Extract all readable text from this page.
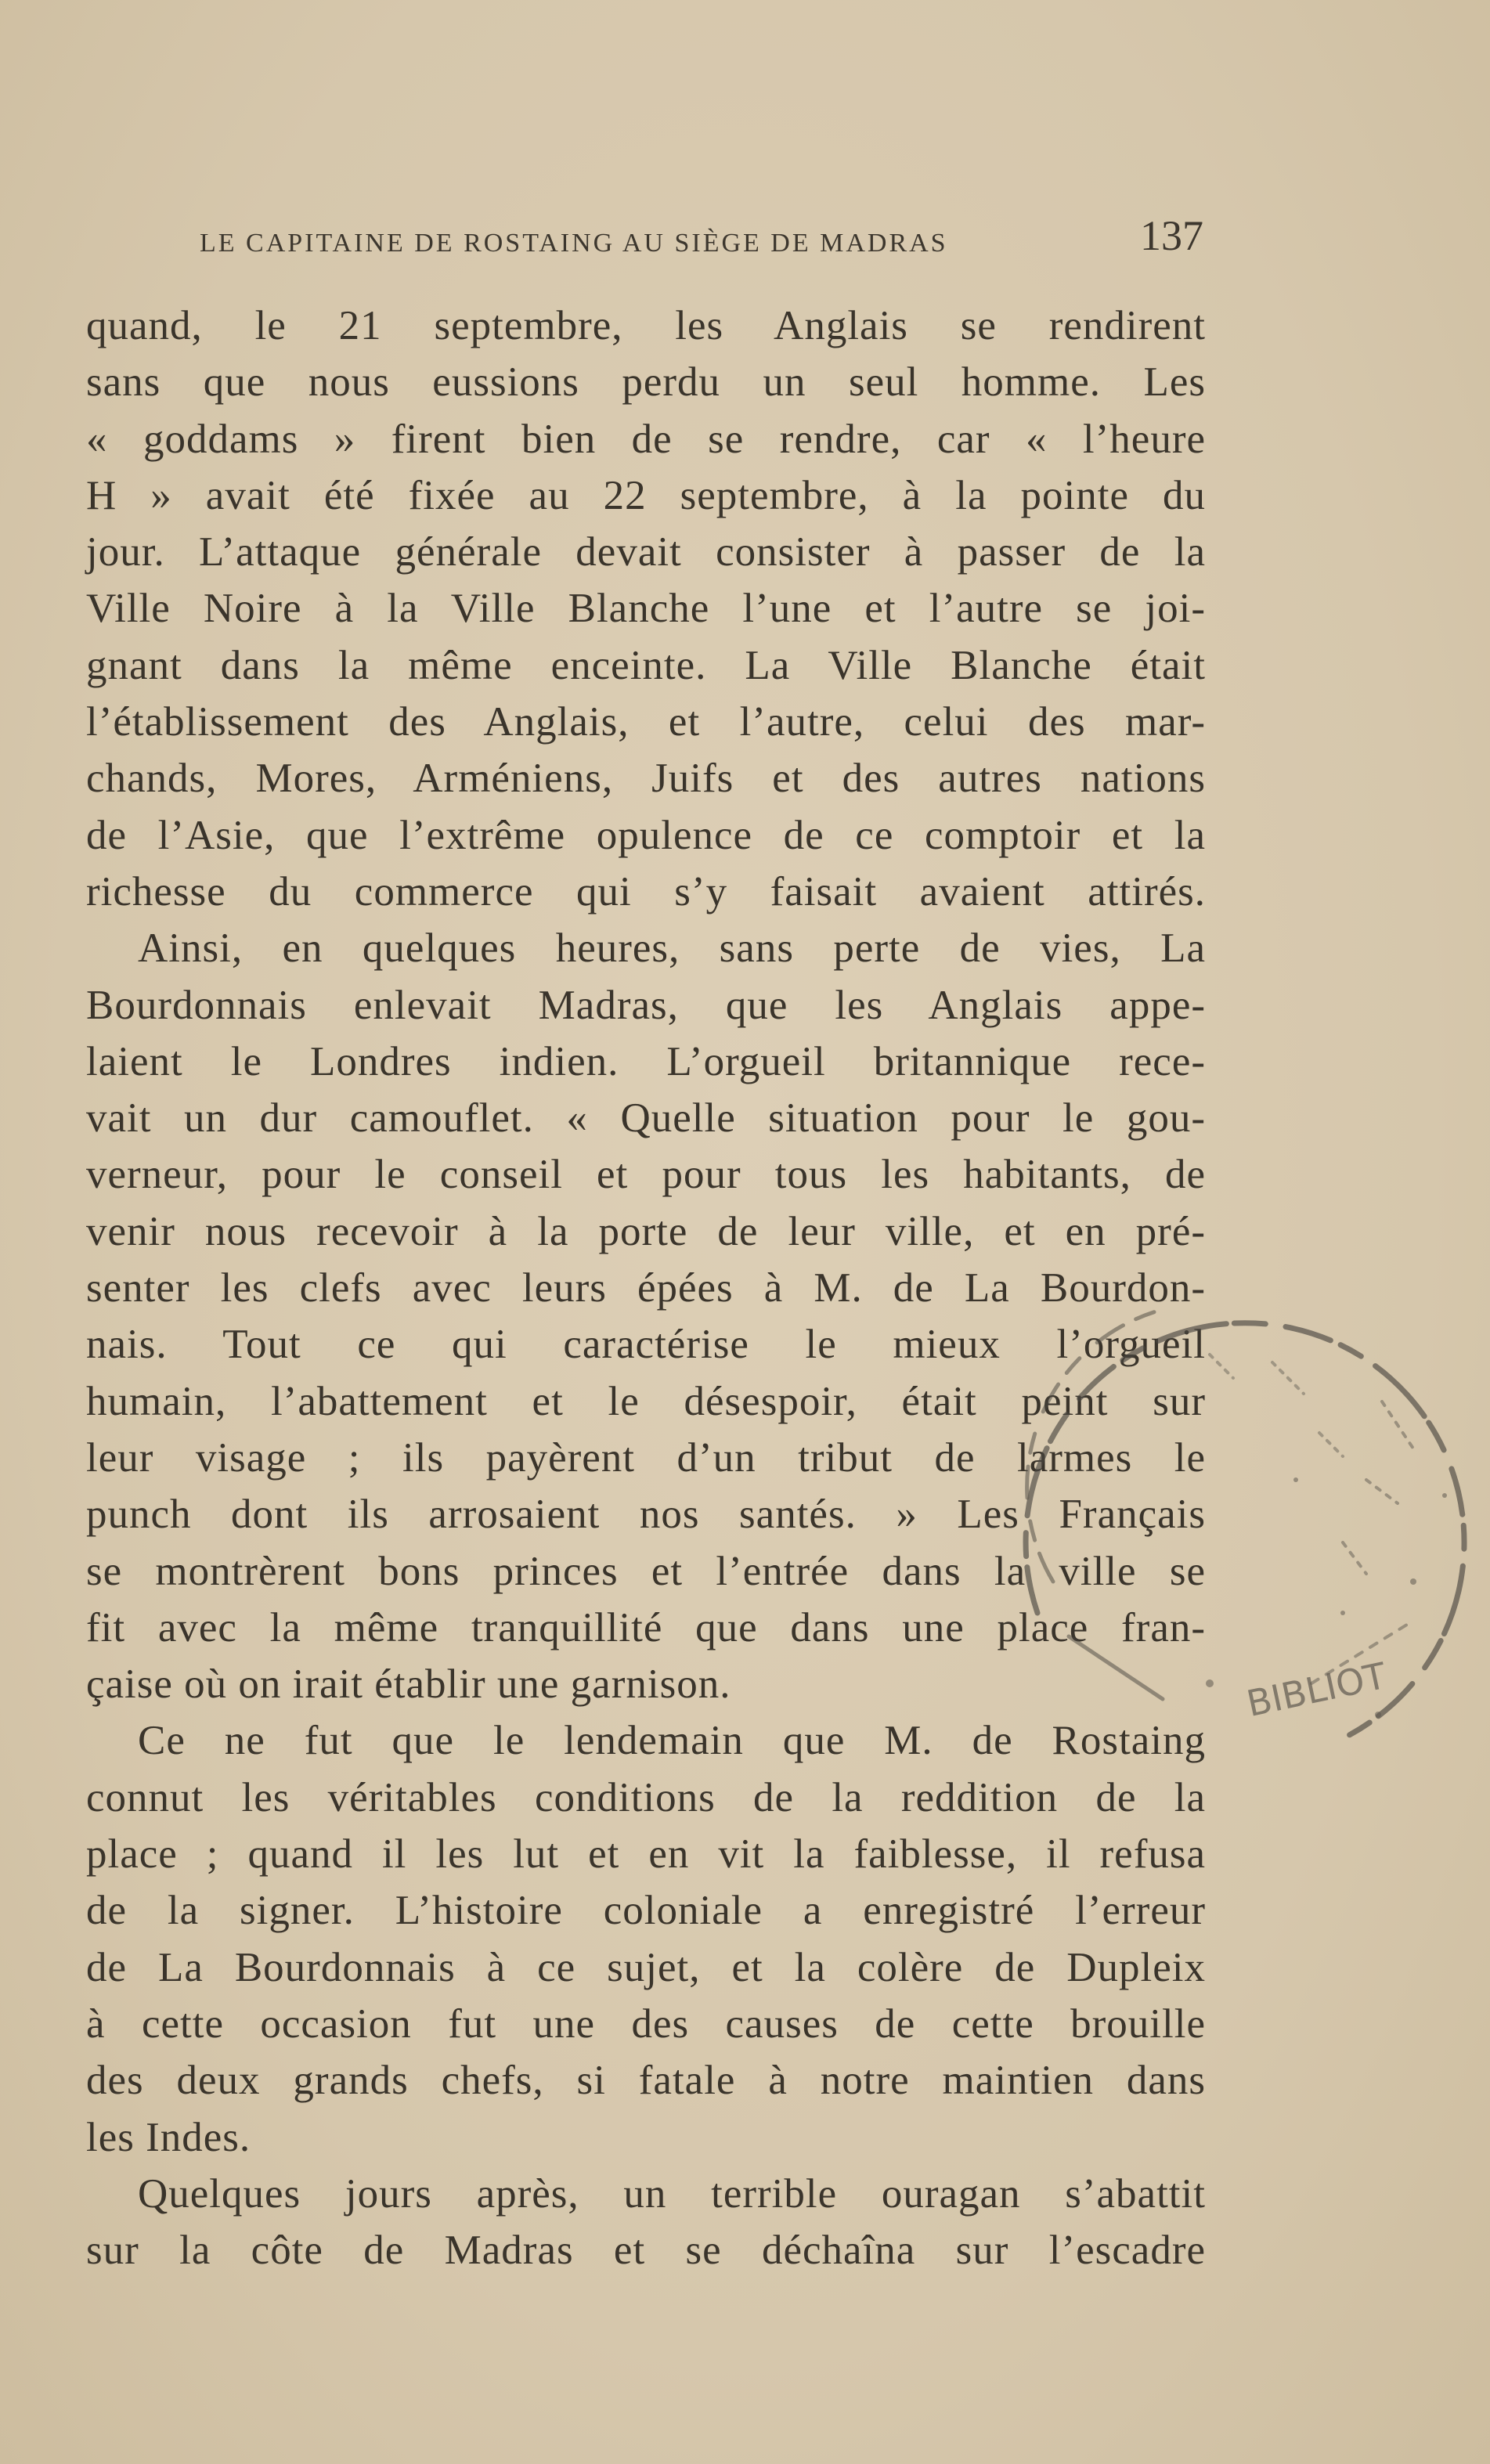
LE CAPITAINE DE ROSTAING AU SIÈGE DE MADRAS	137
quand, le 21 septembre, les Anglais se rendirent
sans que nous eussions perdu un seul homme. Les
« goddams » firent bien de se rendre, car « l’heure
H » avait été fixée au 22 septembre, à la pointe du
jour. L’attaque générale devait consister à passer de la
Ville Noire à la Ville Blanche l’une et l’autre se joi-
gnant dans la même enceinte. La Ville Blanche était
l’établissement des Anglais, et l’autre, celui des mar-
chands, Mores, Arméniens, Juifs et des autres nations
de l’Asie, que l’extrême opulence de ce comptoir et la
richesse du commerce qui s’y faisait avaient attirés.
Ainsi, en quelques heures, sans perte de vies, La
Bourdonnais enlevait Madras, que les Anglais appe-
laient le Londres indien. L’orgueil britannique rece-
vait un dur camouflet. « Quelle situation pour le gou-
verneur, pour le conseil et pour tous les habitants, de
venir nous recevoir à la porte de leur ville, et en pré-
senter les clefs avec leurs épées à M. de La Bourdon-
nais. Tout ce qui caractérise le mieux l’orgueil
humain, l’abattement et le désespoir, était peint sur
leur visage ; ils payèrent d’un tribut de larmes le
punch dont ils arrosaient nos santés. » Les Français
se montrèrent bons princes et l’entrée dans la ville se
fit avec la même tranquillité que dans une place fran-
çaise où on irait établir une garnison.
Ce ne fut que le lendemain que M. de Rostaing
connut les véritables conditions de la reddition de la
place ; quand il les lut et en vit la faiblesse, il refusa
de la signer. L’histoire coloniale a enregistré l’erreur
de La Bourdonnais à ce sujet, et la colère de Dupleix
à cette occasion fut une des causes de cette brouille
des deux grands chefs, si fatale à notre maintien dans
les Indes.
Quelques jours après, un terrible ouragan s’abattit
sur la côte de Madras et se déchaîna sur l’escadre
BIBLIOT
